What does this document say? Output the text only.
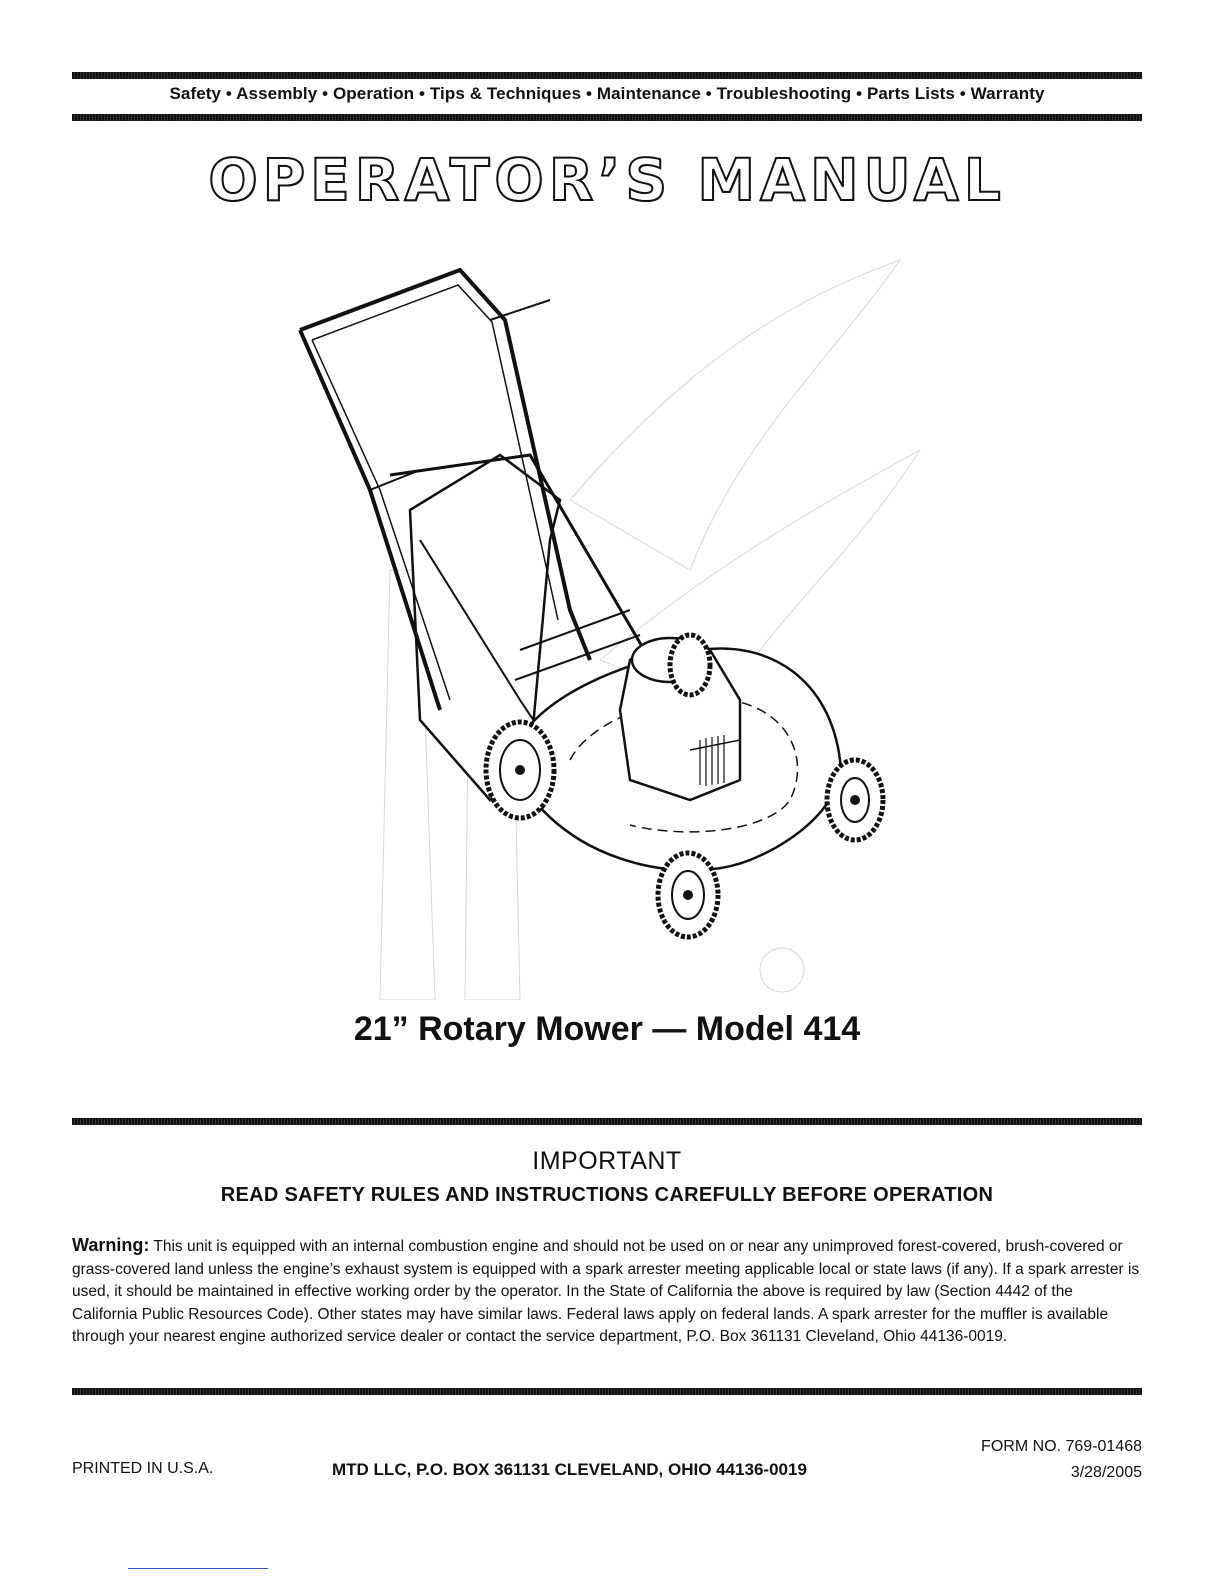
Safety • Assembly • Operation • Tips & Techniques • Maintenance • Troubleshooting • Parts Lists • Warranty
OPERATOR’S MANUAL
21” Rotary Mower — Model 414
IMPORTANT
READ SAFETY RULES AND INSTRUCTIONS CAREFULLY BEFORE OPERATION
Warning: This unit is equipped with an internal combustion engine and should not be used on or near any unimproved forest-covered, brush-covered or grass-covered land unless the engine’s exhaust system is equipped with a spark arrester meeting applicable local or state laws (if any). If a spark arrester is used, it should be maintained in effective working order by the operator. In the State of California the above is required by law (Section 4442 of the California Public Resources Code). Other states may have similar laws. Federal laws apply on federal lands. A spark arrester for the muffler is available through your nearest engine authorized service dealer or contact the service department, P.O. Box 361131 Cleveland, Ohio 44136-0019.
PRINTED IN U.S.A.	MTD LLC, P.O. BOX 361131 CLEVELAND, OHIO 44136-0019
FORM NO. 769-01468
3/28/2005
